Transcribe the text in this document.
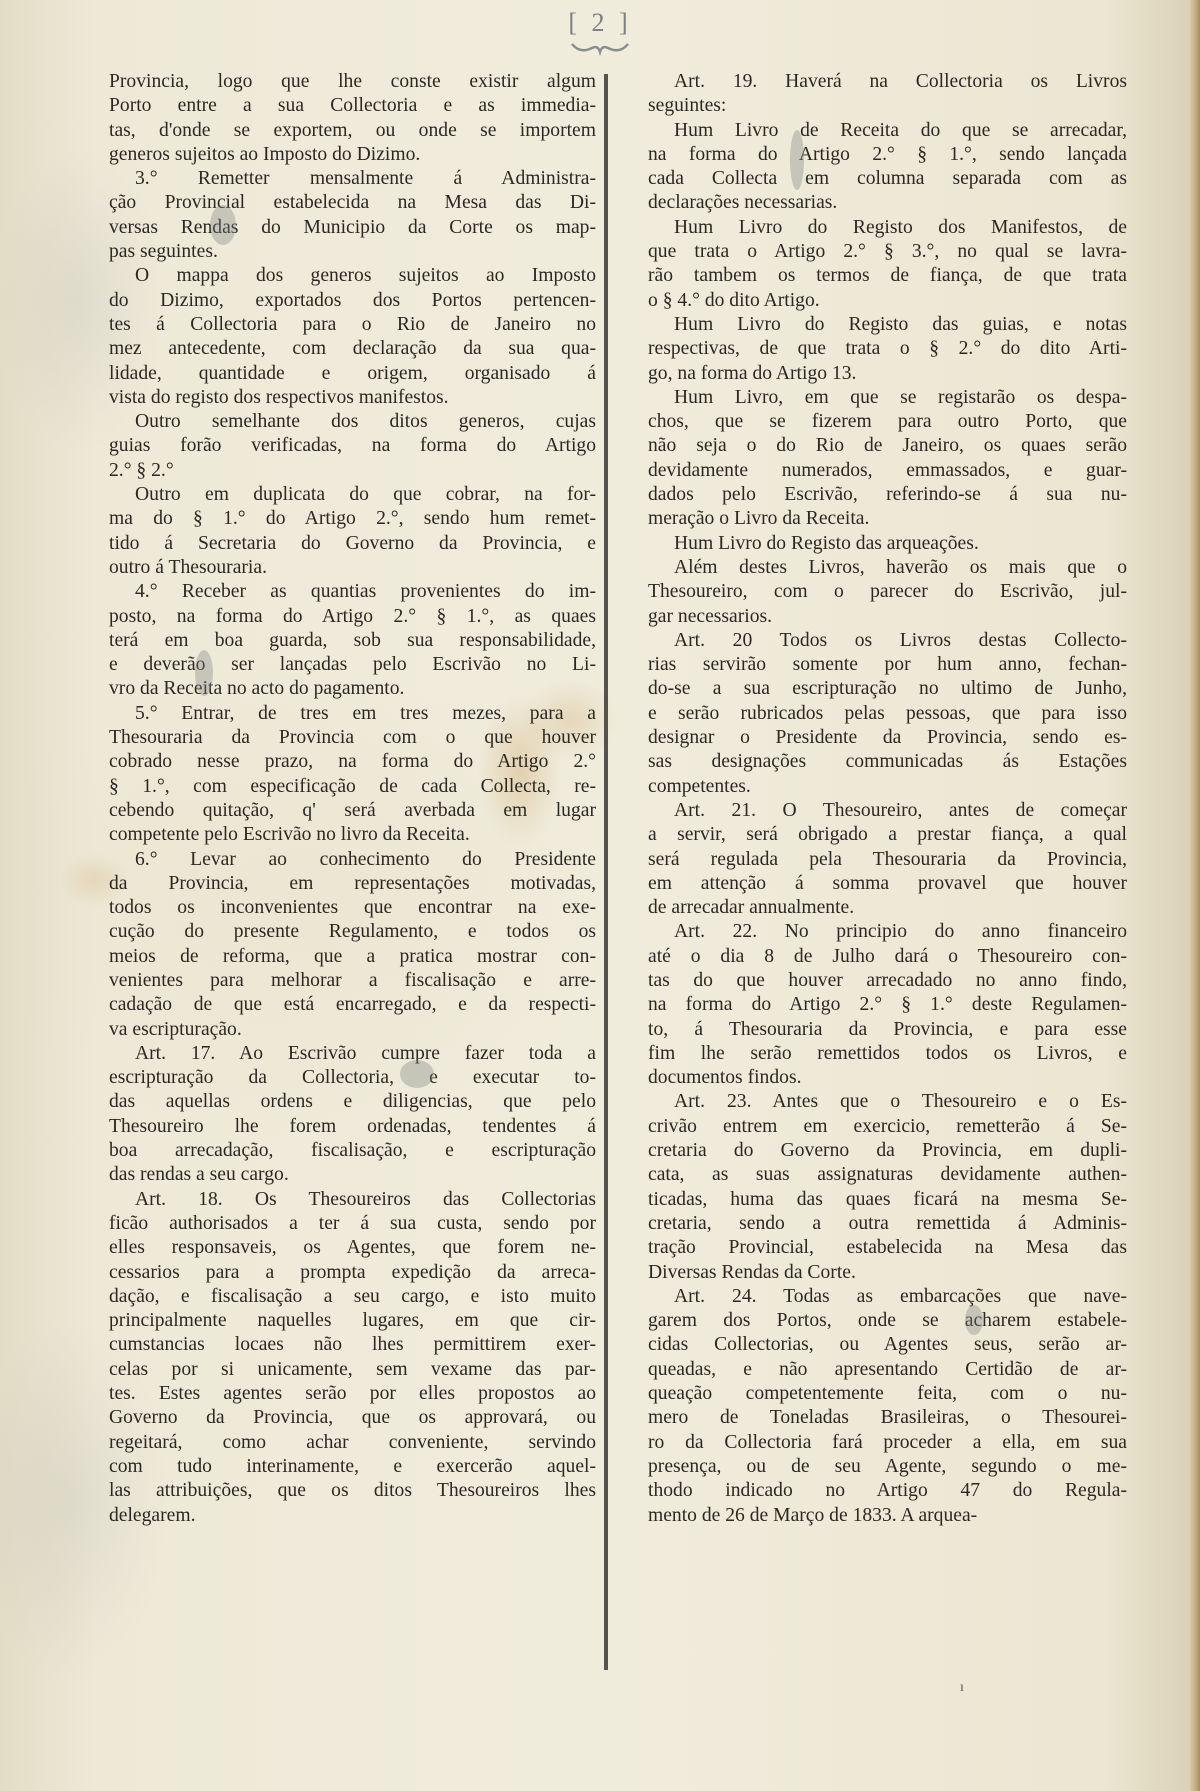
[ 2 ]
Provincia, logo que lhe conste existir algum
Porto entre a sua Collectoria e as immedia-
tas, d'onde se exportem, ou onde se importem
generos sujeitos ao Imposto do Dizimo.
3.° Remetter mensalmente á Administra-
ção Provincial estabelecida na Mesa das Di-
versas Rendas do Municipio da Corte os map-
pas seguintes.
O mappa dos generos sujeitos ao Imposto
do Dizimo, exportados dos Portos pertencen-
tes á Collectoria para o Rio de Janeiro no
mez antecedente, com declaração da sua qua-
lidade, quantidade e origem, organisado á
vista do registo dos respectivos manifestos.
Outro semelhante dos ditos generos, cujas
guias forão verificadas, na forma do Artigo
2.° § 2.°
Outro em duplicata do que cobrar, na for-
ma do § 1.° do Artigo 2.°, sendo hum remet-
tido á Secretaria do Governo da Provincia, e
outro á Thesouraria.
4.° Receber as quantias provenientes do im-
posto, na forma do Artigo 2.° § 1.°, as quaes
terá em boa guarda, sob sua responsabilidade,
e deverão ser lançadas pelo Escrivão no Li-
vro da Receita no acto do pagamento.
5.° Entrar, de tres em tres mezes, para a
Thesouraria da Provincia com o que houver
cobrado nesse prazo, na forma do Artigo 2.°
§ 1.°, com especificação de cada Collecta, re-
cebendo quitação, q' será averbada em lugar
competente pelo Escrivão no livro da Receita.
6.° Levar ao conhecimento do Presidente
da Provincia, em representações motivadas,
todos os inconvenientes que encontrar na exe-
cução do presente Regulamento, e todos os
meios de reforma, que a pratica mostrar con-
venientes para melhorar a fiscalisação e arre-
cadação de que está encarregado, e da respecti-
va escripturação.
Art. 17. Ao Escrivão cumpre fazer toda a
escripturação da Collectoria, e executar to-
das aquellas ordens e diligencias, que pelo
Thesoureiro lhe forem ordenadas, tendentes á
boa arrecadação, fiscalisação, e escripturação
das rendas a seu cargo.
Art. 18. Os Thesoureiros das Collectorias
ficão authorisados a ter á sua custa, sendo por
elles responsaveis, os Agentes, que forem ne-
cessarios para a prompta expedição da arreca-
dação, e fiscalisação a seu cargo, e isto muito
principalmente naquelles lugares, em que cir-
cumstancias locaes não lhes permittirem exer-
celas por si unicamente, sem vexame das par-
tes. Estes agentes serão por elles propostos ao
Governo da Provincia, que os approvará, ou
regeitará, como achar conveniente, servindo
com tudo interinamente, e exercerão aquel-
las attribuições, que os ditos Thesoureiros lhes
delegarem.
Art. 19. Haverá na Collectoria os Livros
seguintes:
Hum Livro de Receita do que se arrecadar,
na forma do Artigo 2.° § 1.°, sendo lançada
cada Collecta em columna separada com as
declarações necessarias.
Hum Livro do Registo dos Manifestos, de
que trata o Artigo 2.° § 3.°, no qual se lavra-
rão tambem os termos de fiança, de que trata
o § 4.° do dito Artigo.
Hum Livro do Registo das guias, e notas
respectivas, de que trata o § 2.° do dito Arti-
go, na forma do Artigo 13.
Hum Livro, em que se registarão os despa-
chos, que se fizerem para outro Porto, que
não seja o do Rio de Janeiro, os quaes serão
devidamente numerados, emmassados, e guar-
dados pelo Escrivão, referindo-se á sua nu-
meração o Livro da Receita.
Hum Livro do Registo das arqueações.
Além destes Livros, haverão os mais que o
Thesoureiro, com o parecer do Escrivão, jul-
gar necessarios.
Art. 20 Todos os Livros destas Collecto-
rias servirão somente por hum anno, fechan-
do-se a sua escripturação no ultimo de Junho,
e serão rubricados pelas pessoas, que para isso
designar o Presidente da Provincia, sendo es-
sas designações communicadas ás Estações
competentes.
Art. 21. O Thesoureiro, antes de começar
a servir, será obrigado a prestar fiança, a qual
será regulada pela Thesouraria da Provincia,
em attenção á somma provavel que houver
de arrecadar annualmente.
Art. 22. No principio do anno financeiro
até o dia 8 de Julho dará o Thesoureiro con-
tas do que houver arrecadado no anno findo,
na forma do Artigo 2.° § 1.° deste Regulamen-
to, á Thesouraria da Provincia, e para esse
fim lhe serão remettidos todos os Livros, e
documentos findos.
Art. 23. Antes que o Thesoureiro e o Es-
crivão entrem em exercicio, remetterão á Se-
cretaria do Governo da Provincia, em dupli-
cata, as suas assignaturas devidamente authen-
ticadas, huma das quaes ficará na mesma Se-
cretaria, sendo a outra remettida á Adminis-
tração Provincial, estabelecida na Mesa das
Diversas Rendas da Corte.
Art. 24. Todas as embarcações que nave-
garem dos Portos, onde se acharem estabele-
cidas Collectorias, ou Agentes seus, serão ar-
queadas, e não apresentando Certidão de ar-
queação competentemente feita, com o nu-
mero de Toneladas Brasileiras, o Thesourei-
ro da Collectoria fará proceder a ella, em sua
presença, ou de seu Agente, segundo o me-
thodo indicado no Artigo 47 do Regula-
mento de 26 de Março de 1833. A arquea-
ı
